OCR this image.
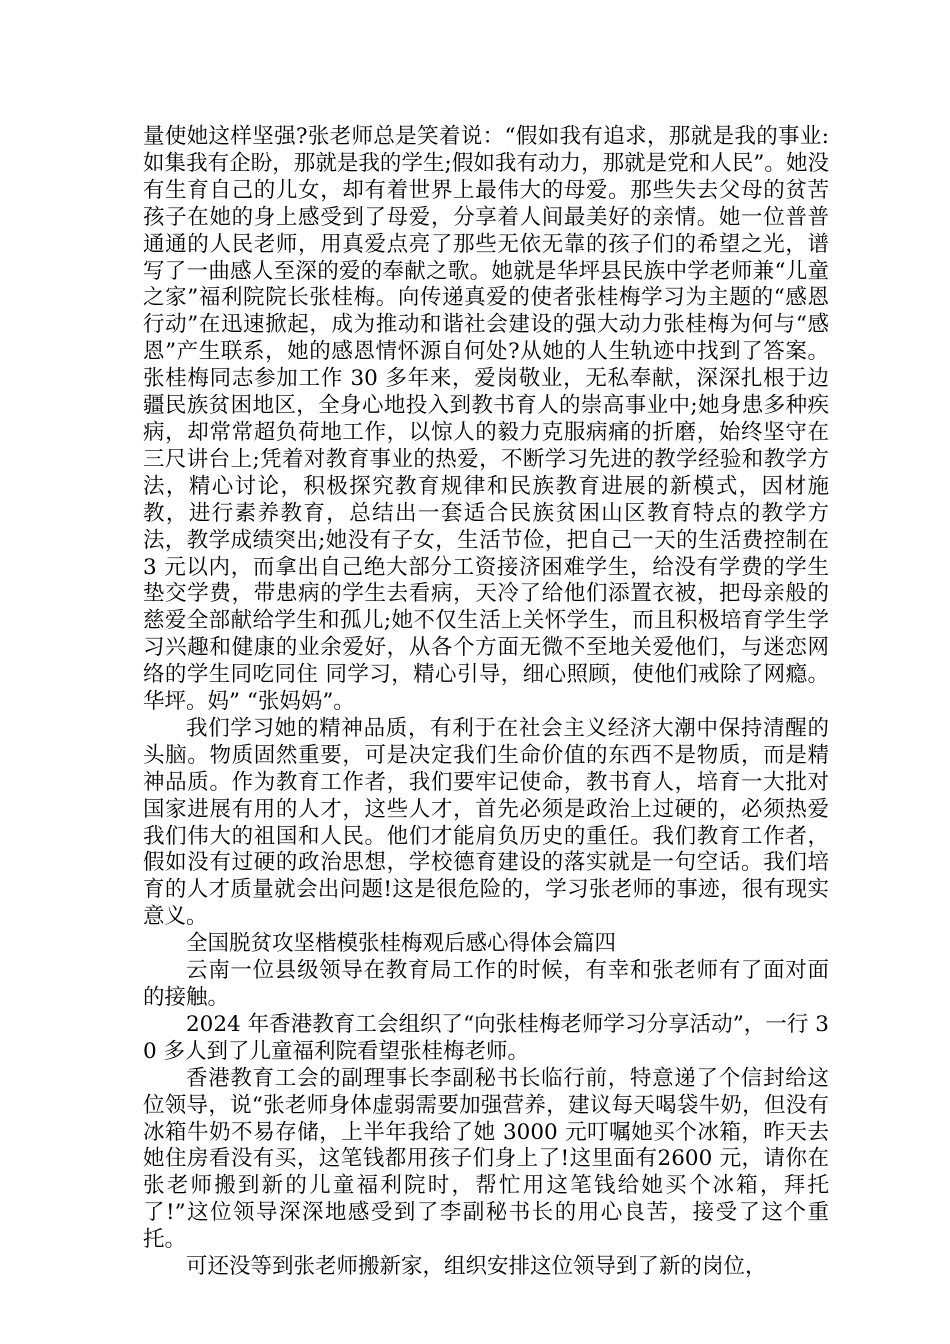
量使她这样坚强?张老师总是笑着说：“假如我有追求，那就是我的事业:如集我有企盼，那就是我的学生;假如我有动力，那就是党和人民”。她没有生育自己的儿女，却有着世界上最伟大的母爱。那些失去父母的贫苦孩子在她的身上感受到了母爱，分享着人间最美好的亲情。她一位普普通通的人民老师，用真爱点亮了那些无依无靠的孩子们的希望之光，谱写了一曲感人至深的爱的奉献之歌。她就是华坪县民族中学老师兼“儿童之家”福利院院长张桂梅。向传递真爱的使者张桂梅学习为主题的“感恩行动”在迅速掀起，成为推动和谐社会建设的强大动力张桂梅为何与“感恩”产生联系，她的感恩情怀源自何处?从她的人生轨迹中找到了答案。张桂梅同志参加工作 30 多年来，爱岗敬业，无私奉献，深深扎根于边疆民族贫困地区，全身心地投入到教书育人的崇高事业中;她身患多种疾病，却常常超负荷地工作，以惊人的毅力克服病痛的折磨，始终坚守在三尺讲台上;凭着对教育事业的热爱，不断学习先进的教学经验和教学方法，精心讨论，积极探究教育规律和民族教育进展的新模式，因材施教，进行素养教育，总结出一套适合民族贫困山区教育特点的教学方法，教学成绩突出;她没有子女，生活节俭，把自己一天的生活费控制在 3 元以内，而拿出自己绝大部分工资接济困难学生，给没有学费的学生垫交学费，带患病的学生去看病，天冷了给他们添置衣被，把母亲般的慈爱全部献给学生和孤儿;她不仅生活上关怀学生，而且积极培育学生学习兴趣和健康的业余爱好，从各个方面无微不至地关爱他们，与迷恋网络的学生同吃同住 同学习，精心引导，细心照顾，使他们戒除了网瘾。华坪。妈” “张妈妈”。

我们学习她的精神品质，有利于在社会主义经济大潮中保持清醒的头脑。物质固然重要，可是决定我们生命价值的东西不是物质，而是精神品质。作为教育工作者，我们要牢记使命，教书育人，培育一大批对国家进展有用的人才，这些人才，首先必须是政治上过硬的，必须热爱我们伟大的祖国和人民。他们才能肩负历史的重任。我们教育工作者，假如没有过硬的政治思想，学校德育建设的落实就是一句空话。我们培育的人才质量就会出问题!这是很危险的，学习张老师的事迹，很有现实意义。

全国脱贫攻坚楷模张桂梅观后感心得体会篇四

云南一位县级领导在教育局工作的时候，有幸和张老师有了面对面的接触。

2024 年香港教育工会组织了“向张桂梅老师学习分享活动”，一行 30 多人到了儿童福利院看望张桂梅老师。

香港教育工会的副理事长李副秘书长临行前，特意递了个信封给这位领导，说“张老师身体虚弱需要加强营养，建议每天喝袋牛奶，但没有冰箱牛奶不易存储，上半年我给了她 3000 元叮嘱她买个冰箱，昨天去她住房看没有买，这笔钱都用孩子们身上了!这里面有2600 元，请你在张老师搬到新的儿童福利院时，帮忙用这笔钱给她买个冰箱，拜托了!”这位领导深深地感受到了李副秘书长的用心良苦，接受了这个重托。

可还没等到张老师搬新家，组织安排这位领导到了新的岗位，
